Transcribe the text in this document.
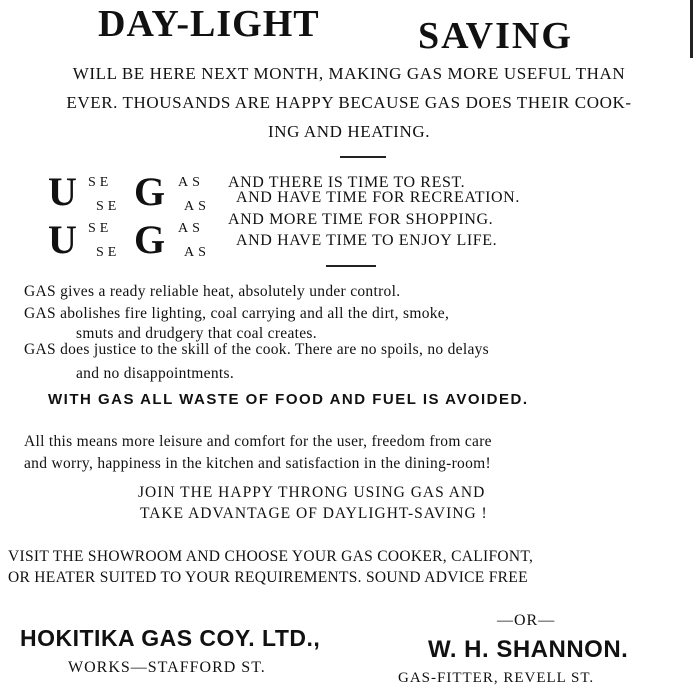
DAY-LIGHT	SAVING
WILL BE HERE NEXT MONTH, MAKING GAS MORE USEFUL THAN
EVER. THOUSANDS ARE HAPPY BECAUSE GAS DOES THEIR COOK-
ING AND HEATING.
U SE G AS AND THERE IS TIME TO REST.
SE	AS
AND HAVE TIME FOR RECREATION.
U SE G AS
AND MORE TIME FOR SHOPPING.
SE	AS
AND HAVE TIME TO ENJOY LIFE.
GAS gives a ready reliable heat, absolutely under control.
GAS abolishes fire lighting, coal carrying and all the dirt, smoke,
smuts and drudgery that coal creates.
GAS does justice to the skill of the cook. There are no spoils, no delays
and no disappointments.
WITH GAS ALL WASTE OF FOOD AND FUEL IS AVOIDED.
All this means more leisure and comfort for the user, freedom from care
and worry, happiness in the kitchen and satisfaction in the dining-room!
JOIN THE HAPPY THRONG USING GAS AND
TAKE ADVANTAGE OF DAYLIGHT-SAVING !
VISIT THE SHOWROOM AND CHOOSE YOUR GAS COOKER, CALIFONT,
OR HEATER SUITED TO YOUR REQUIREMENTS. SOUND ADVICE FREE
HOKITIKA GAS COY. LTD.,
WORKS—STAFFORD ST.
—OR—
W. H. SHANNON.
GAS-FITTER, REVELL ST.
